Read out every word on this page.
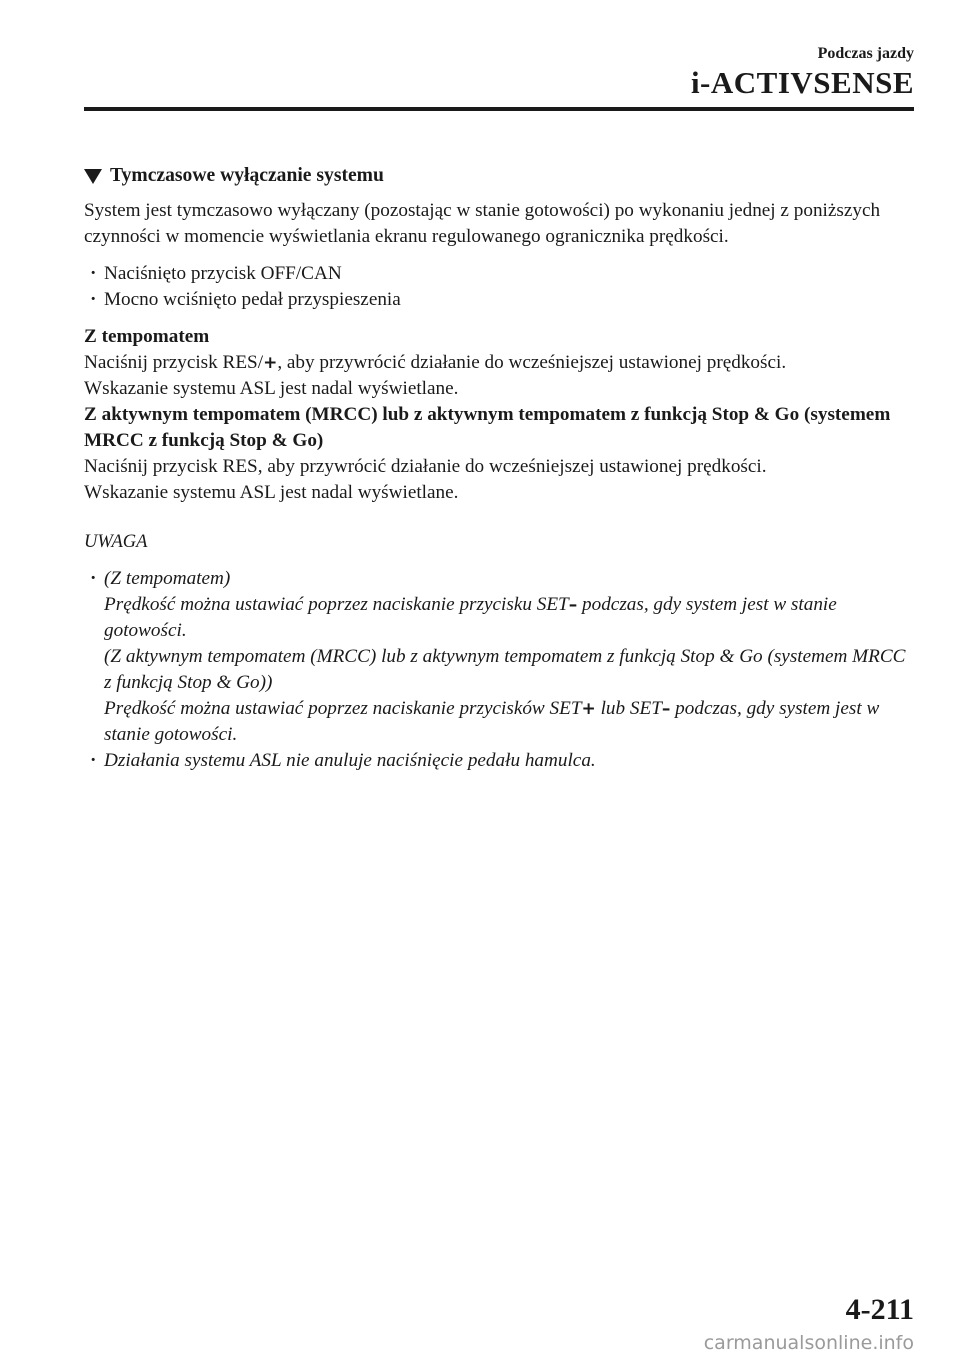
Podczas jazdy
i-ACTIVSENSE
Tymczasowe wyłączanie systemu

System jest tymczasowo wyłączany (pozostając w stanie gotowości) po wykonaniu jednej z poniższych czynności w momencie wyświetlania ekranu regulowanego ogranicznika prędkości.

· Naciśnięto przycisk OFF/CAN
· Mocno wciśnięto pedał przyspieszenia

Z tempomatem

Naciśnij przycisk RES/+, aby przywrócić działanie do wcześniejszej ustawionej prędkości.

Wskazanie systemu ASL jest nadal wyświetlane.

Z aktywnym tempomatem (MRCC) lub z aktywnym tempomatem z funkcją Stop & Go (systemem MRCC z funkcją Stop & Go)

Naciśnij przycisk RES, aby przywrócić działanie do wcześniejszej ustawionej prędkości.

Wskazanie systemu ASL jest nadal wyświetlane.

UWAGA

· (Z tempomatem)
Prędkość można ustawiać poprzez naciskanie przycisku SET– podczas, gdy system jest w stanie gotowości.
(Z aktywnym tempomatem (MRCC) lub z aktywnym tempomatem z funkcją Stop & Go (systemem MRCC z funkcją Stop & Go))
Prędkość można ustawiać poprzez naciskanie przycisków SET+ lub SET– podczas, gdy system jest w stanie gotowości.
· Działania systemu ASL nie anuluje naciśnięcie pedału hamulca.
4-211
carmanualsonline.info
